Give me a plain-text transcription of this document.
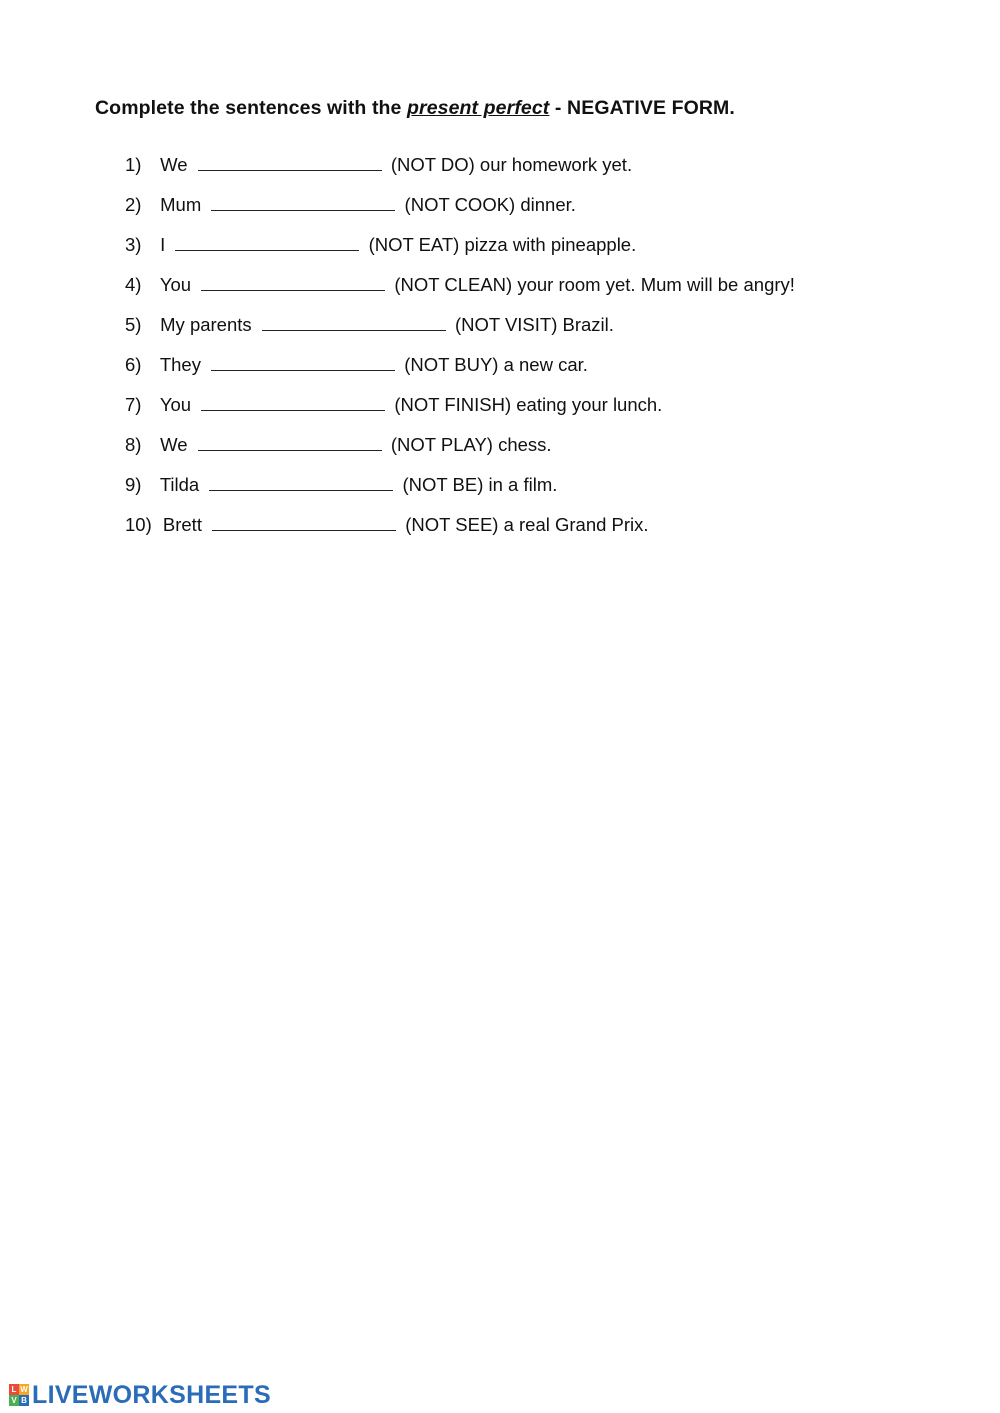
Complete the sentences with the present perfect - NEGATIVE FORM.
1) We	(NOT DO) our homework yet.
2) Mum	(NOT COOK) dinner.
3) I	(NOT EAT) pizza with pineapple.
4) You	(NOT CLEAN) your room yet. Mum will be angry!
5) My parents	(NOT VISIT) Brazil.
6) They	(NOT BUY) a new car.
7) You	(NOT FINISH) eating your lunch.
8) We	(NOT PLAY) chess.
9) Tilda	(NOT BE) in a film.
10) Brett	(NOT SEE) a real Grand Prix.
L W
V B LIVEWORKSHEETS
